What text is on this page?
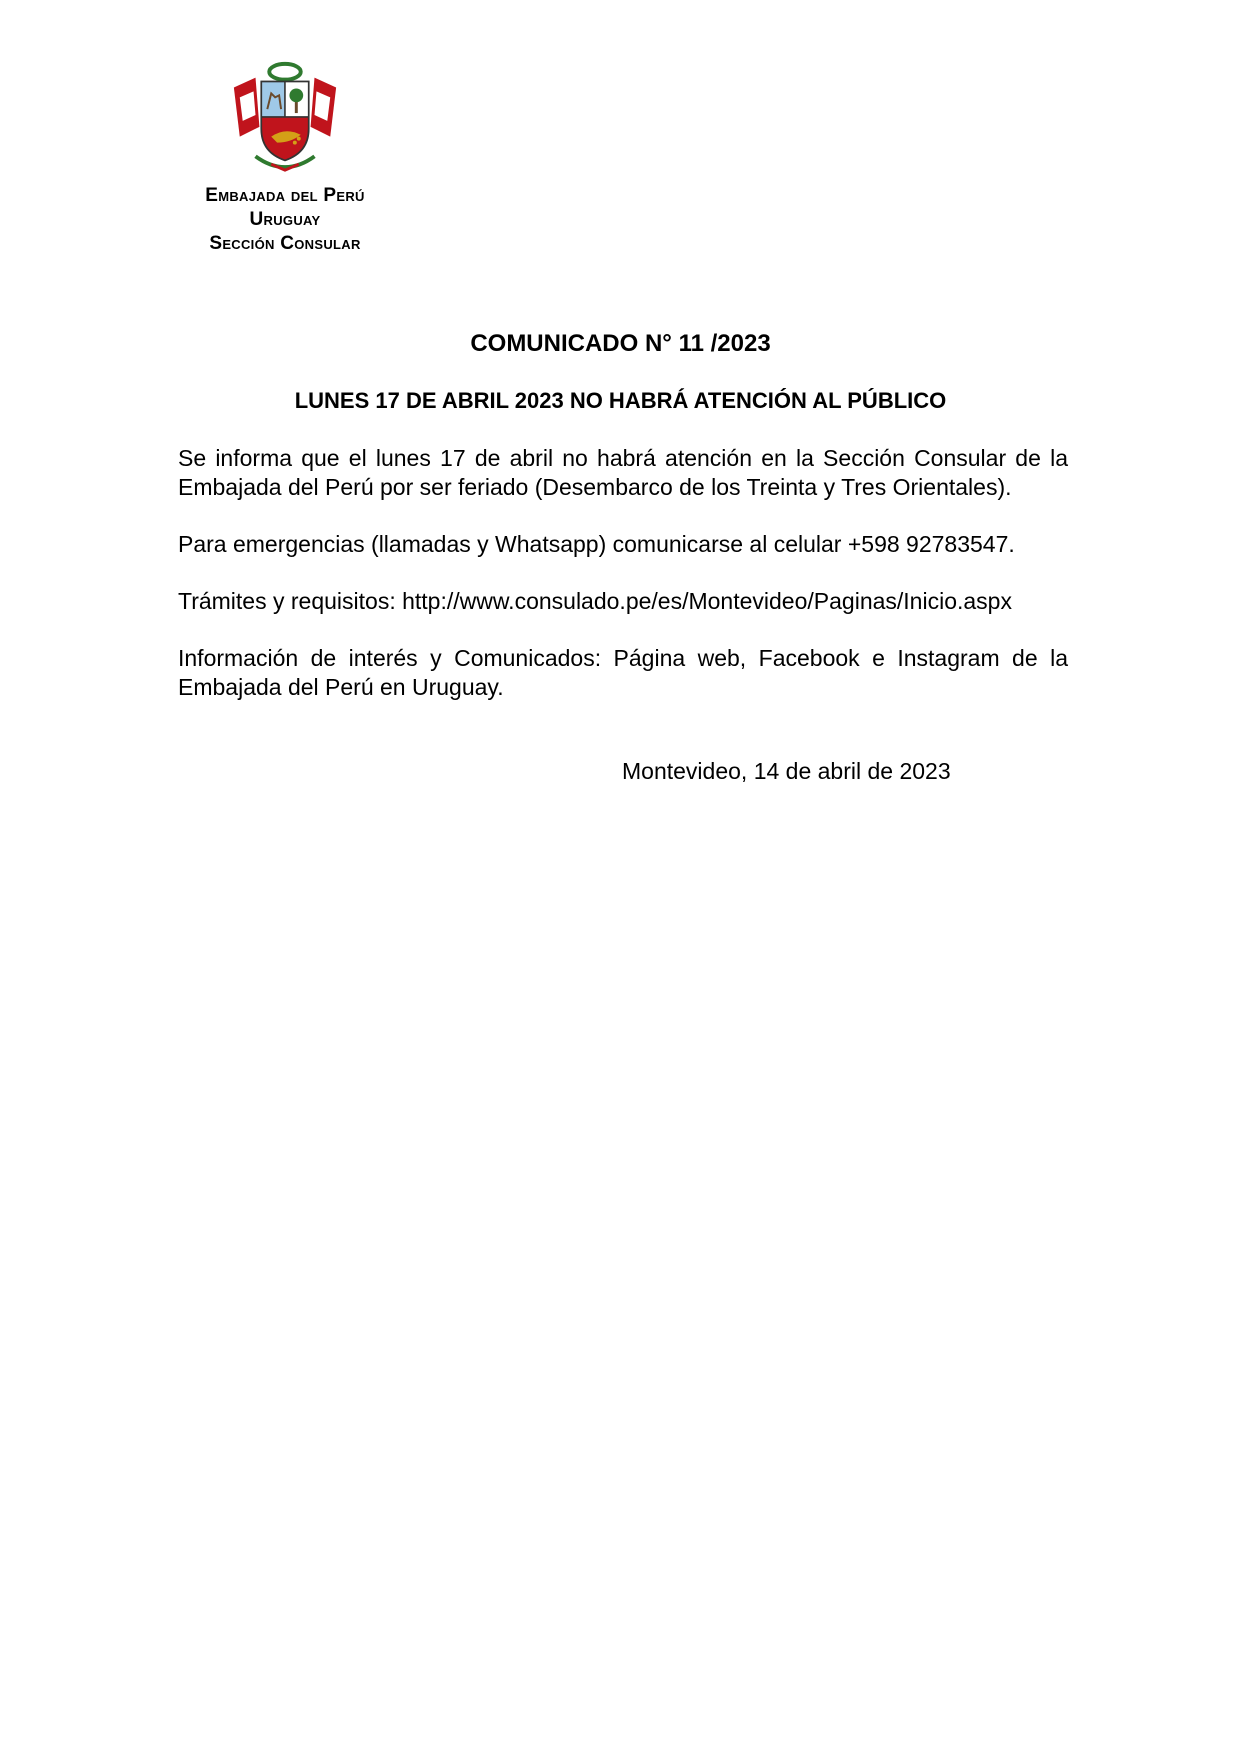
Embajada del Perú
Uruguay
Sección Consular
COMUNICADO N° 11 /2023
LUNES 17 DE ABRIL 2023 NO HABRÁ ATENCIÓN AL PÚBLICO

Se informa que el lunes 17 de abril no habrá atención en la Sección Consular de la Embajada del Perú por ser feriado (Desembarco de los Treinta y Tres Orientales).

Para emergencias (llamadas y Whatsapp) comunicarse al celular +598 92783547.

Trámites y requisitos: http://www.consulado.pe/es/Montevideo/Paginas/Inicio.aspx

Información de interés y Comunicados: Página web, Facebook e Instagram de la Embajada del Perú en Uruguay.

Montevideo, 14 de abril de 2023
